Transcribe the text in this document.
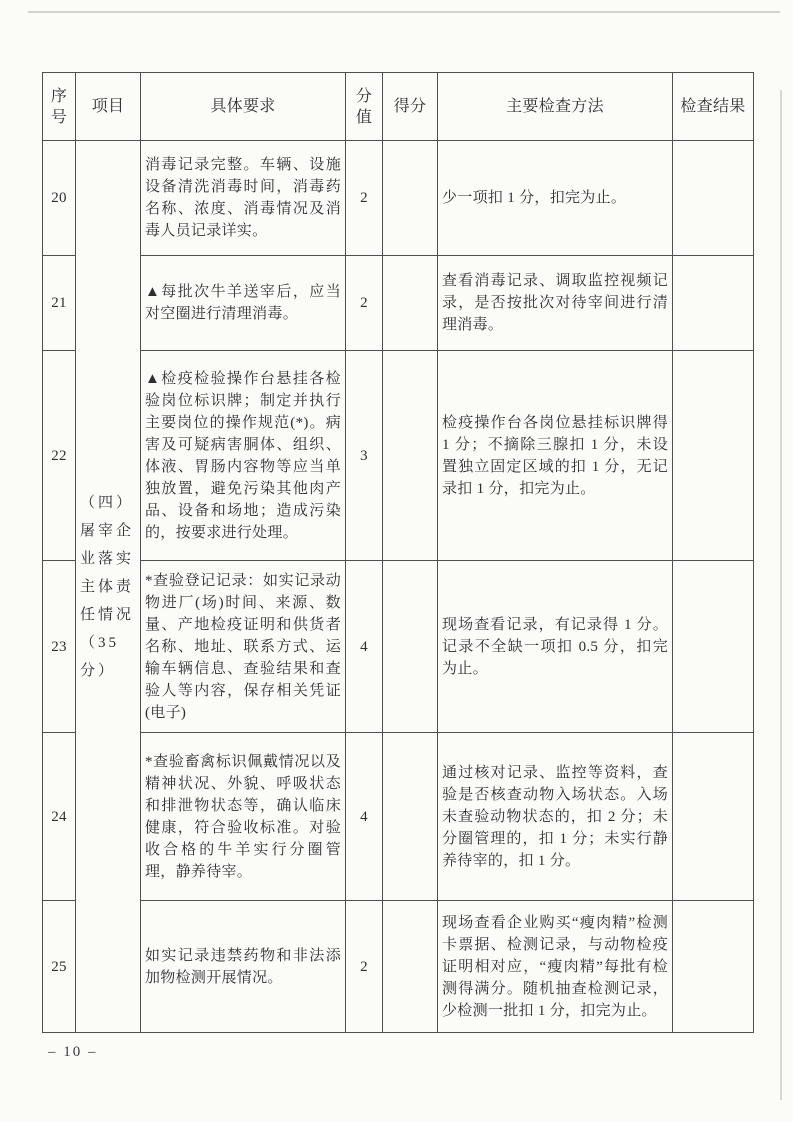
序号	项目	具体要求	分值	得分	主要检查方法	检查结果
20	（四）屠宰企业落实主体责任情况（35分）	消毒记录完整。车辆、设施设备清洗消毒时间，消毒药名称、浓度、消毒情况及消毒人员记录详实。	2		少一项扣 1 分，扣完为止。	
21		▲每批次牛羊送宰后，应当对空圈进行清理消毒。	2		查看消毒记录、调取监控视频记录，是否按批次对待宰间进行清理消毒。	
22		▲检疫检验操作台悬挂各检验岗位标识牌；制定并执行主要岗位的操作规范(*)。病害及可疑病害胴体、组织、体液、胃肠内容物等应当单独放置，避免污染其他肉产品、设备和场地；造成污染的，按要求进行处理。	3		检疫操作台各岗位悬挂标识牌得 1 分；不摘除三腺扣 1 分，未设置独立固定区域的扣 1 分，无记录扣 1 分，扣完为止。	
23		*查验登记记录：如实记录动物进厂(场)时间、来源、数量、产地检疫证明和供货者名称、地址、联系方式、运输车辆信息、查验结果和查验人等内容，保存相关凭证(电子)	4		现场查看记录，有记录得 1 分。记录不全缺一项扣 0.5 分，扣完为止。	
24		*查验畜禽标识佩戴情况以及精神状况、外貌、呼吸状态和排泄物状态等，确认临床健康，符合验收标准。对验收合格的牛羊实行分圈管理，静养待宰。	4		通过核对记录、监控等资料，查验是否核查动物入场状态。入场未查验动物状态的，扣 2 分；未分圈管理的，扣 1 分；未实行静养待宰的，扣 1 分。	
25		如实记录违禁药物和非法添加物检测开展情况。	2		现场查看企业购买“瘦肉精”检测卡票据、检测记录，与动物检疫证明相对应，“瘦肉精”每批有检测得满分。随机抽查检测记录，少检测一批扣 1 分，扣完为止。	
– 10 –
